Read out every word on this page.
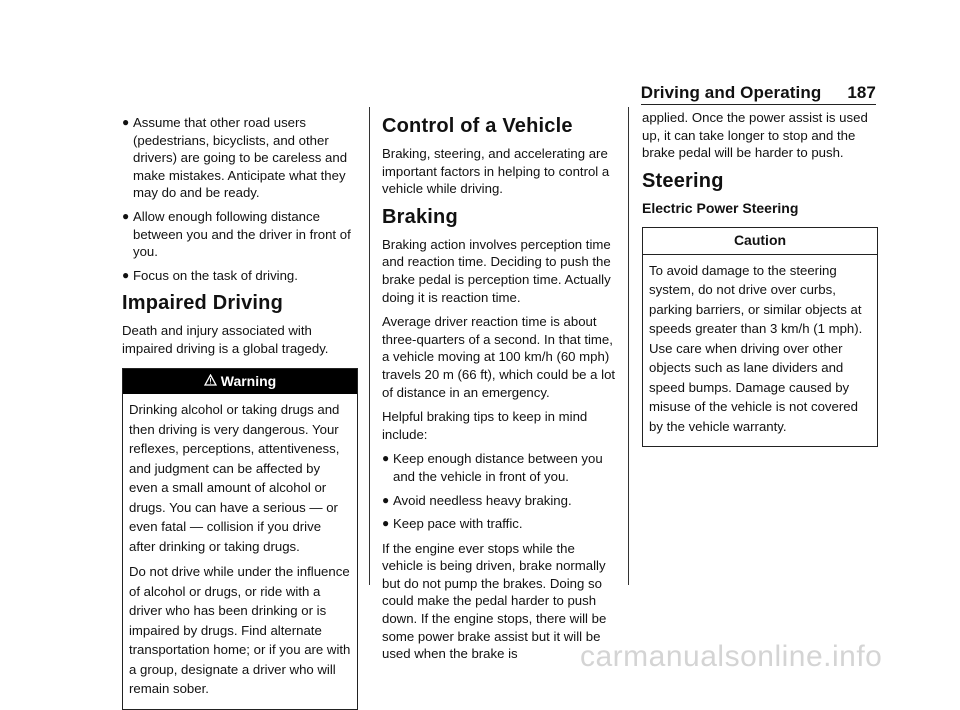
Driving and Operating 187
● Assume that other road users (pedestrians, bicyclists, and other drivers) are going to be careless and make mistakes. Anticipate what they may do and be ready.
● Allow enough following distance between you and the driver in front of you.
● Focus on the task of driving.
Impaired Driving

Death and injury associated with impaired driving is a global tragedy.

Warning

Drinking alcohol or taking drugs and then driving is very dangerous. Your reflexes, perceptions, attentiveness, and judgment can be affected by even a small amount of alcohol or drugs. You can have a serious — or even fatal — collision if you drive after drinking or taking drugs.

Do not drive while under the influence of alcohol or drugs, or ride with a driver who has been drinking or is impaired by drugs. Find alternate transportation home; or if you are with a group, designate a driver who will remain sober.

Control of a Vehicle

Braking, steering, and accelerating are important factors in helping to control a vehicle while driving.

Braking

Braking action involves perception time and reaction time. Deciding to push the brake pedal is perception time. Actually doing it is reaction time.

Average driver reaction time is about three-quarters of a second. In that time, a vehicle moving at 100 km/h (60 mph) travels 20 m (66 ft), which could be a lot of distance in an emergency.

Helpful braking tips to keep in mind include:

● Keep enough distance between you and the vehicle in front of you.
● Avoid needless heavy braking.
● Keep pace with traffic.

If the engine ever stops while the vehicle is being driven, brake normally but do not pump the brakes. Doing so could make the pedal harder to push down. If the engine stops, there will be some power brake assist but it will be used when the brake is

applied. Once the power assist is used up, it can take longer to stop and the brake pedal will be harder to push.

Steering
Electric Power Steering
Caution

To avoid damage to the steering system, do not drive over curbs, parking barriers, or similar objects at speeds greater than 3 km/h (1 mph). Use care when driving over other objects such as lane dividers and speed bumps. Damage caused by misuse of the vehicle is not covered by the vehicle warranty.

carmanualsonline.info
